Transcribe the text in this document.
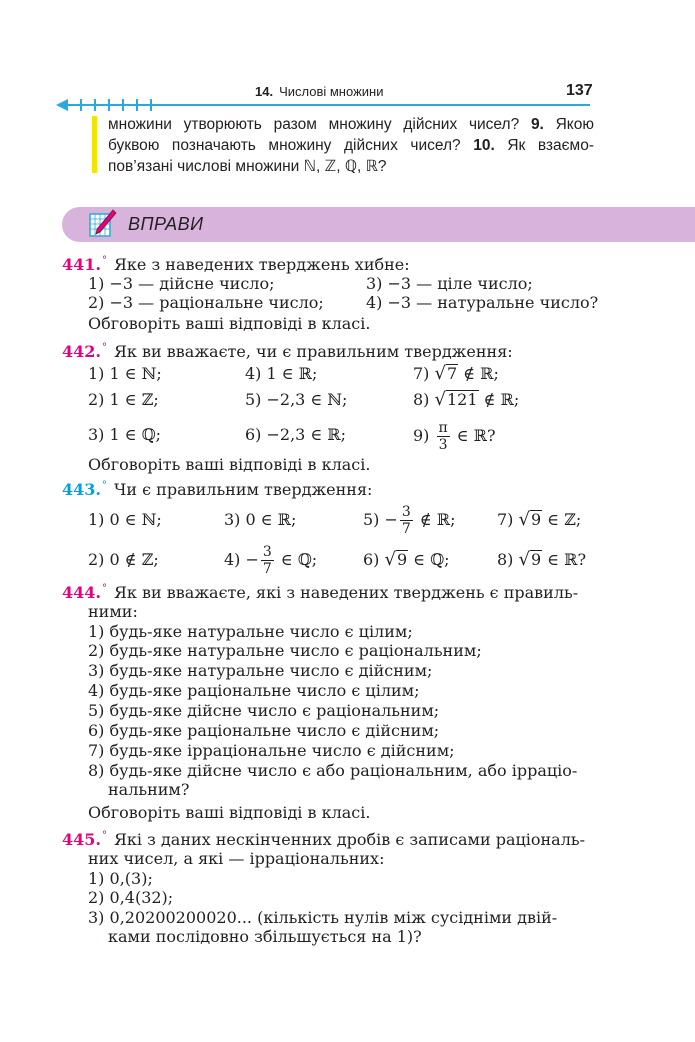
14. Числові множини	137
множини утворюють разом множину дійсних чисел? 9. Якою буквою позначають множину дійсних чисел? 10. Як взаємо-пов’язані числові множини ℕ, ℤ, ℚ, ℝ?
ВПРАВИ
441.° Яке з наведених тверджень хибне:
1) −3 — дійсне число;	3) −3 — ціле число;
2) −3 — раціональне число;	4) −3 — натуральне число?
Обговоріть ваші відповіді в класі.
442.° Як ви вважаєте, чи є правильним твердження:
1) 1 ∈ ℕ;	4) 1 ∈ ℝ;	7) √7 ∉ ℝ;
2) 1 ∈ ℤ;	5) −2,3 ∈ ℕ;	8) √121 ∉ ℝ;
3) 1 ∈ ℚ;	6) −2,3 ∈ ℝ;	$9) \frac{\pi}{3}$ ∈ ℝ?
Обговоріть ваші відповіді в класі.
443.° Чи є правильним твердження:
1) 0 ∈ ℕ;	3) 0 ∈ ℝ;	$5) - \frac{3}{7}$ ∉ ℝ;	7) √9 ∈ ℤ;
2) 0 ∉ ℤ;	$4) - \frac{3}{7}$ ∈ ℚ;	6) √9 ∈ ℚ;	8) √9 ∈ ℝ?
444.° Як ви вважаєте, які з наведених тверджень є правиль-
ними:
1) будь-яке натуральне число є цілим;
2) будь-яке натуральне число є раціональним;
3) будь-яке натуральне число є дійсним;
4) будь-яке раціональне число є цілим;
5) будь-яке дійсне число є раціональним;
6) будь-яке раціональне число є дійсним;
7) будь-яке ірраціональне число є дійсним;
8) будь-яке дійсне число є або раціональним, або ірраціо-
нальним?
Обговоріть ваші відповіді в класі.
445.° Які з даних нескінченних дробів є записами раціональ-
них чисел, а які — ірраціональних:
1) 0,(3);
2) 0,4(32);
3) 0,20200200020... (кількість нулів між сусідніми двій-
ками послідовно збільшується на 1)?
